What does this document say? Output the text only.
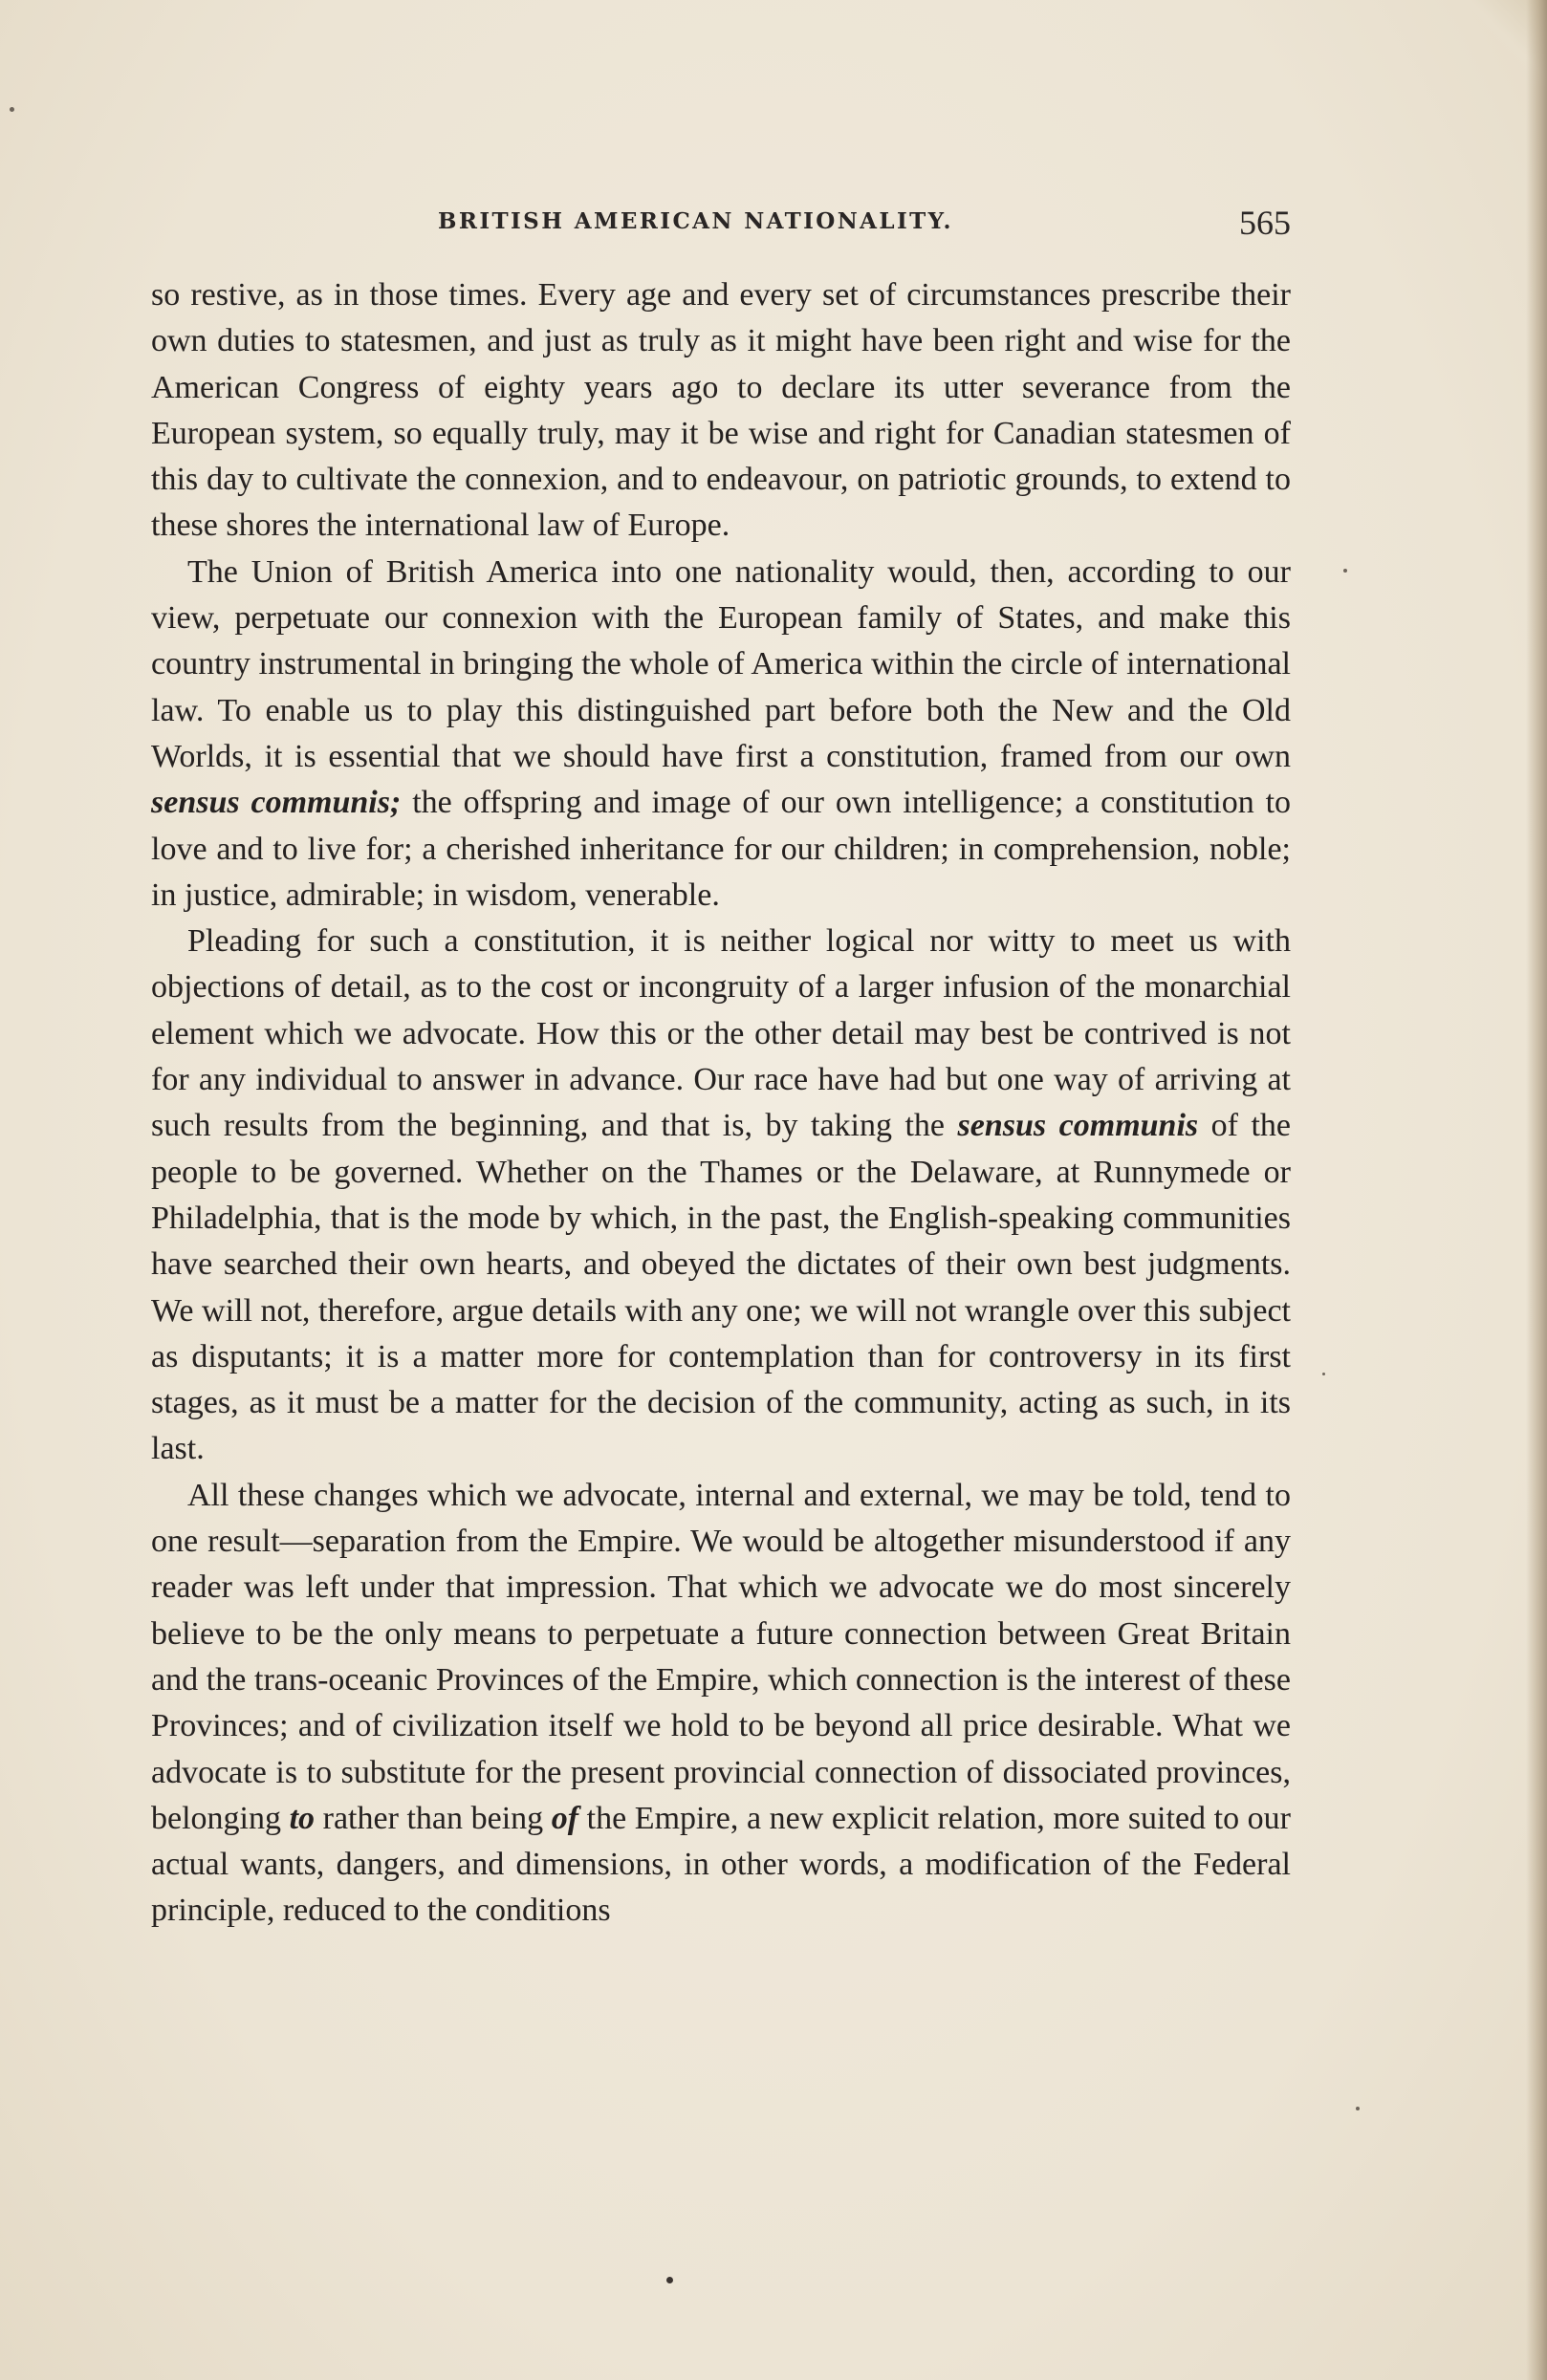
BRITISH AMERICAN NATIONALITY.	565

so restive, as in those times. Every age and every set of circumstances prescribe their own duties to statesmen, and just as truly as it might have been right and wise for the American Congress of eighty years ago to declare its utter severance from the European system, so equally truly, may it be wise and right for Canadian statesmen of this day to cultivate the connexion, and to endeavour, on patriotic grounds, to extend to these shores the international law of Europe.

The Union of British America into one nationality would, then, according to our view, perpetuate our connexion with the European family of States, and make this country instrumental in bringing the whole of America within the circle of international law. To enable us to play this distinguished part before both the New and the Old Worlds, it is essential that we should have first a constitution, framed from our own sensus communis; the offspring and image of our own intelligence; a constitution to love and to live for; a cherished inheritance for our children; in comprehension, noble; in justice, admirable; in wisdom, venerable.

Pleading for such a constitution, it is neither logical nor witty to meet us with objections of detail, as to the cost or incongruity of a larger infusion of the monarchial element which we advocate. How this or the other detail may best be contrived is not for any individual to answer in advance. Our race have had but one way of arriving at such results from the beginning, and that is, by taking the sensus communis of the people to be governed. Whether on the Thames or the Delaware, at Runnymede or Philadelphia, that is the mode by which, in the past, the English-speaking communities have searched their own hearts, and obeyed the dictates of their own best judgments. We will not, therefore, argue details with any one; we will not wrangle over this subject as disputants; it is a matter more for contemplation than for controversy in its first stages, as it must be a matter for the decision of the community, acting as such, in its last.

All these changes which we advocate, internal and external, we may be told, tend to one result—separation from the Empire. We would be altogether misunderstood if any reader was left under that impression. That which we advocate we do most sincerely believe to be the only means to perpetuate a future connection between Great Britain and the trans-oceanic Provinces of the Empire, which connection is the interest of these Provinces; and of civilization itself we hold to be beyond all price desirable. What we advocate is to substitute for the present provincial connection of dissociated provinces, belonging to rather than being of the Empire, a new explicit relation, more suited to our actual wants, dangers, and dimensions, in other words, a modification of the Federal principle, reduced to the conditions
